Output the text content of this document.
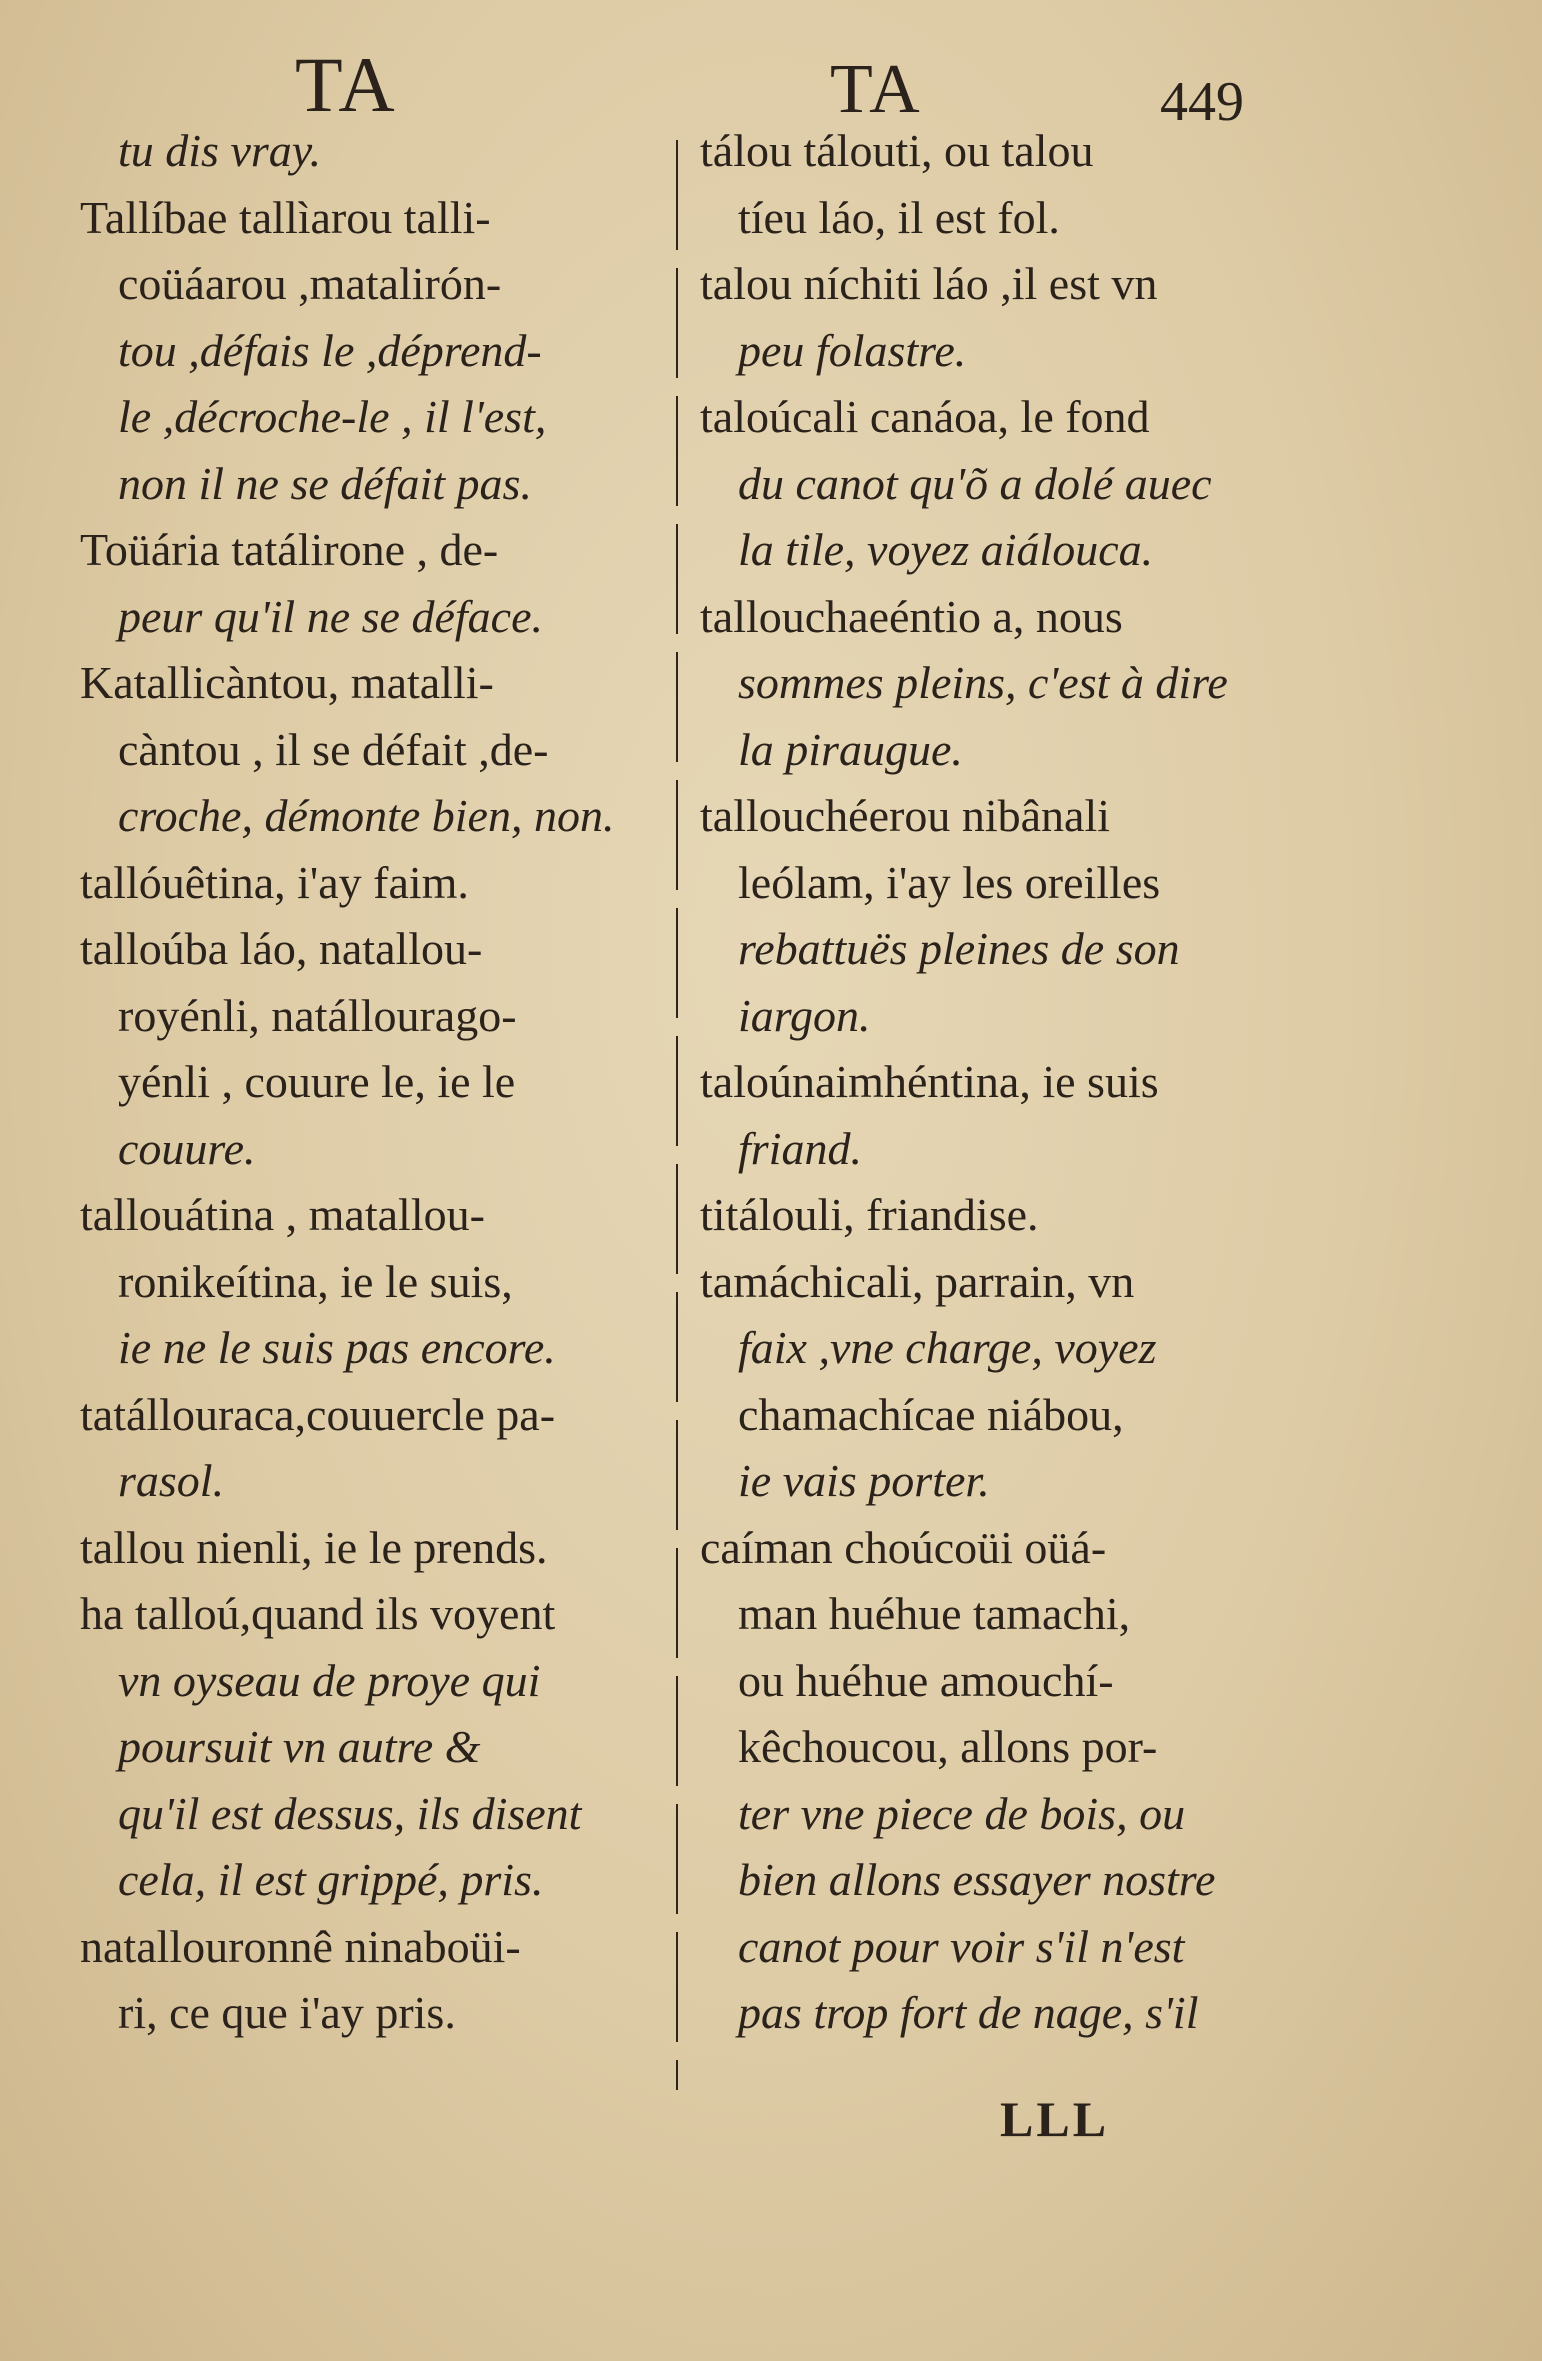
TA	TA	449
tu dis vray.
Tallíbae tallìarou talli-
coüáarou ,matalirón-
tou ,défais le ,déprend-
le ,décroche-le , il l'est,
non il ne se défait pas.
Toüária tatálirone , de-
peur qu'il ne se déface.
Katallicàntou, matalli-
càntou , il se défait ,de-
croche, démonte bien, non.
tallóuêtina, i'ay faim.
talloúba láo, natallou-
royénli, natállourago-
yénli , couure le, ie le
couure.
tallouátina , matallou-
ronikeítina, ie le suis,
ie ne le suis pas encore.
tatállouraca,couuercle pa-
rasol.
tallou nienli, ie le prends.
ha talloú,quand ils voyent
vn oyseau de proye qui
poursuit vn autre &
qu'il est dessus, ils disent
cela, il est grippé, pris.
natallouronnê ninaboüi-
ri, ce que i'ay pris.
tálou tálouti, ou talou
tíeu láo, il est fol.
talou níchiti láo ,il est vn
peu folastre.
taloúcali canáoa, le fond
du canot qu'õ a dolé auec
la tile, voyez aiálouca.
tallouchaeéntio a, nous
sommes pleins, c'est à dire
la piraugue.
tallouchéerou nibânali
leólam, i'ay les oreilles
rebattuës pleines de son
iargon.
taloúnaimhéntina, ie suis
friand.
titálouli, friandise.
tamáchicali, parrain, vn
faix ,vne charge, voyez
chamachícae niábou,
ie vais porter.
caíman choúcoüi oüá-
man huéhue tamachi,
ou huéhue amouchí-
kêchoucou, allons por-
ter vne piece de bois, ou
bien allons essayer nostre
canot pour voir s'il n'est
pas trop fort de nage, s'il
LLL
